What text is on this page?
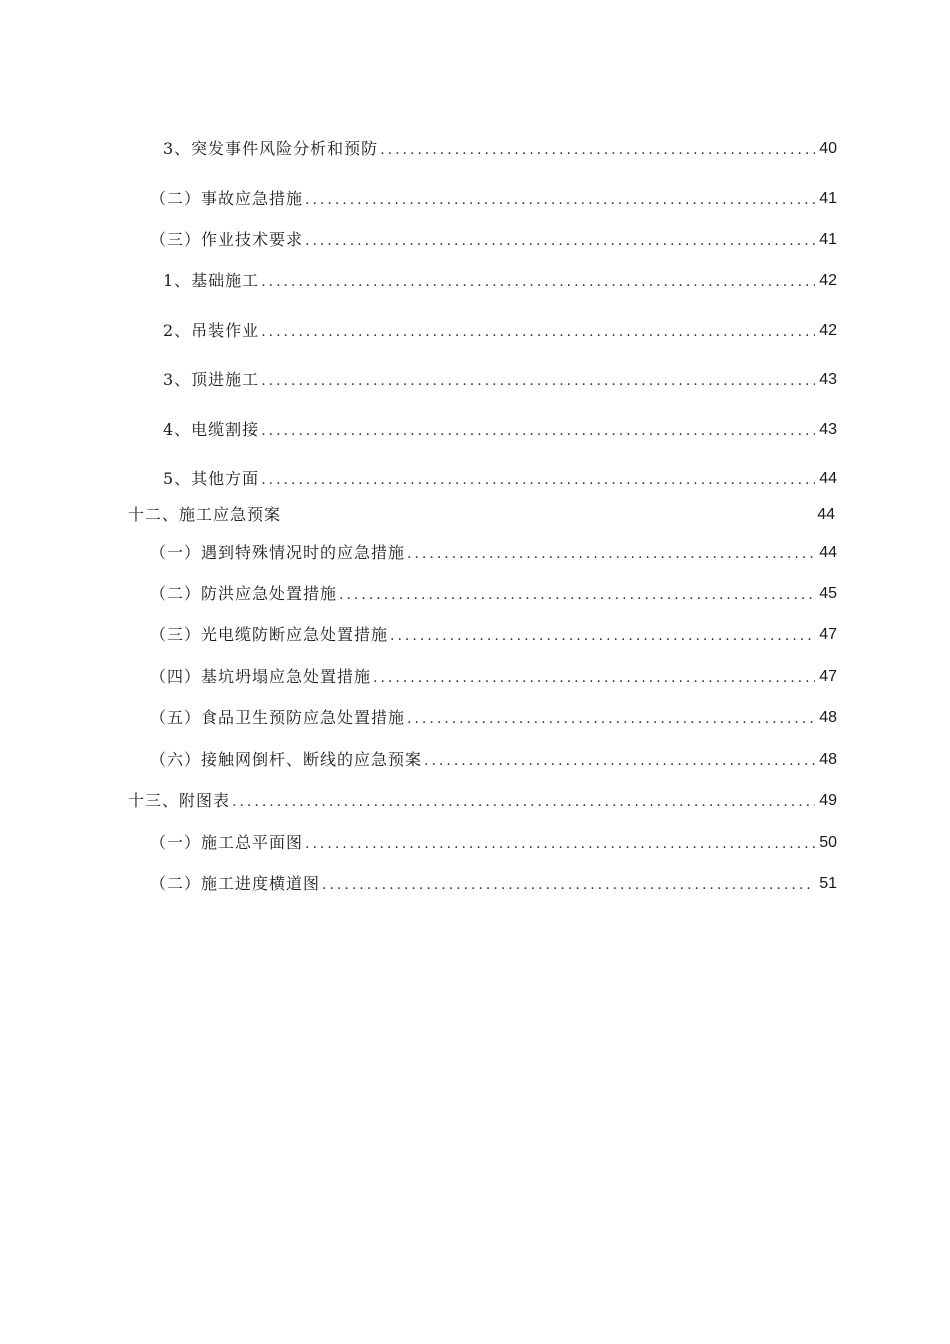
3、突发事件风险分析和预防 .....	40
（二）事故应急措施 .....	41
（三）作业技术要求 .....	41
1、基础施工 .....	42
2、吊装作业 .....	42
3、顶进施工 .....	43
4、电缆割接 .....	43
5、其他方面 .....	44
十二、施工应急预案	44
（一）遇到特殊情况时的应急措施 .....	44
（二）防洪应急处置措施 .....	45
（三）光电缆防断应急处置措施 .....	47
（四）基坑坍塌应急处置措施 .....	47
（五）食品卫生预防应急处置措施 .....	48
（六）接触网倒杆、断线的应急预案 .....	48
十三、附图表 .....	49
（一）施工总平面图 .....	50
（二）施工进度横道图 .....	51
